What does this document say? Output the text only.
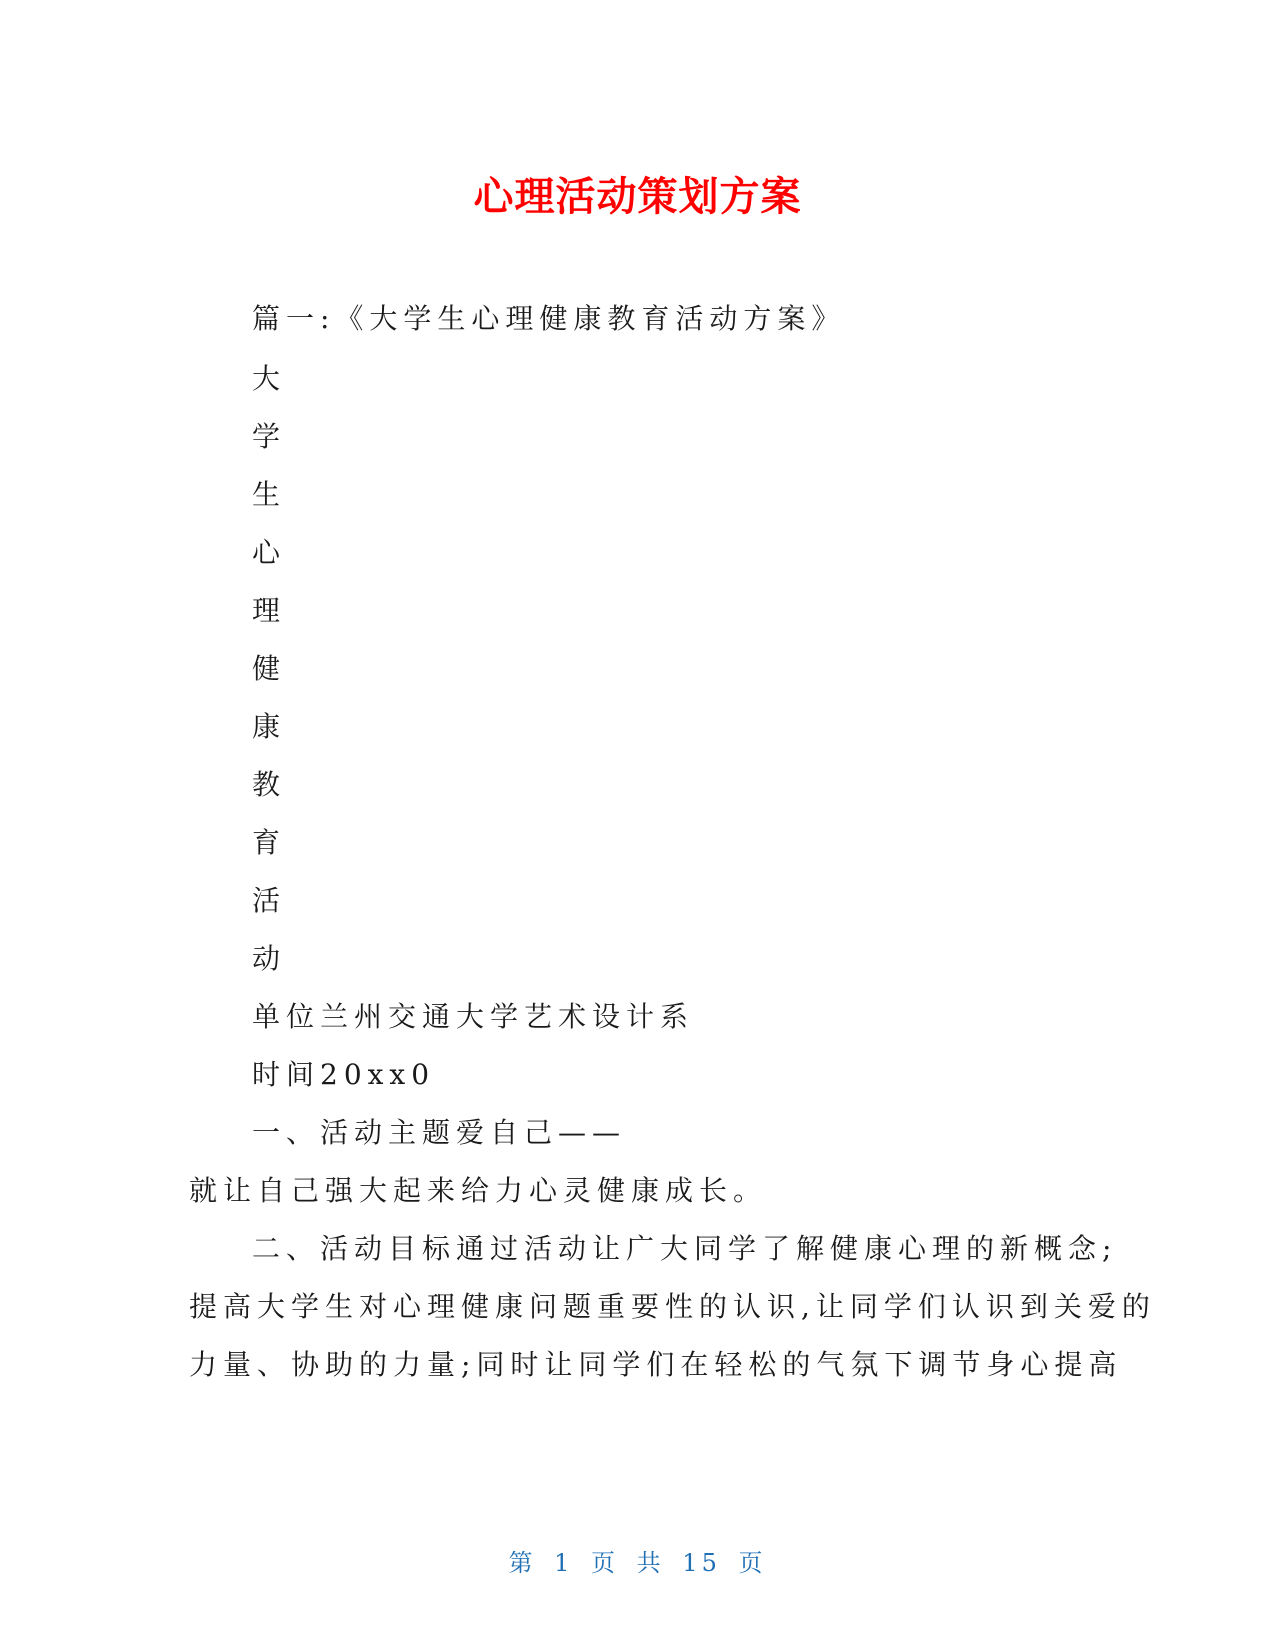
心理活动策划方案
篇一:《大学生心理健康教育活动方案》
大
学
生
心
理
健
康
教
育
活
动
单位兰州交通大学艺术设计系
时间20xx0
一、活动主题爱自己——
就让自己强大起来给力心灵健康成长。
二、活动目标通过活动让广大同学了解健康心理的新概念;
提高大学生对心理健康问题重要性的认识,让同学们认识到关爱的
力量、协助的力量;同时让同学们在轻松的气氛下调节身心提高
第 1 页 共 15 页
